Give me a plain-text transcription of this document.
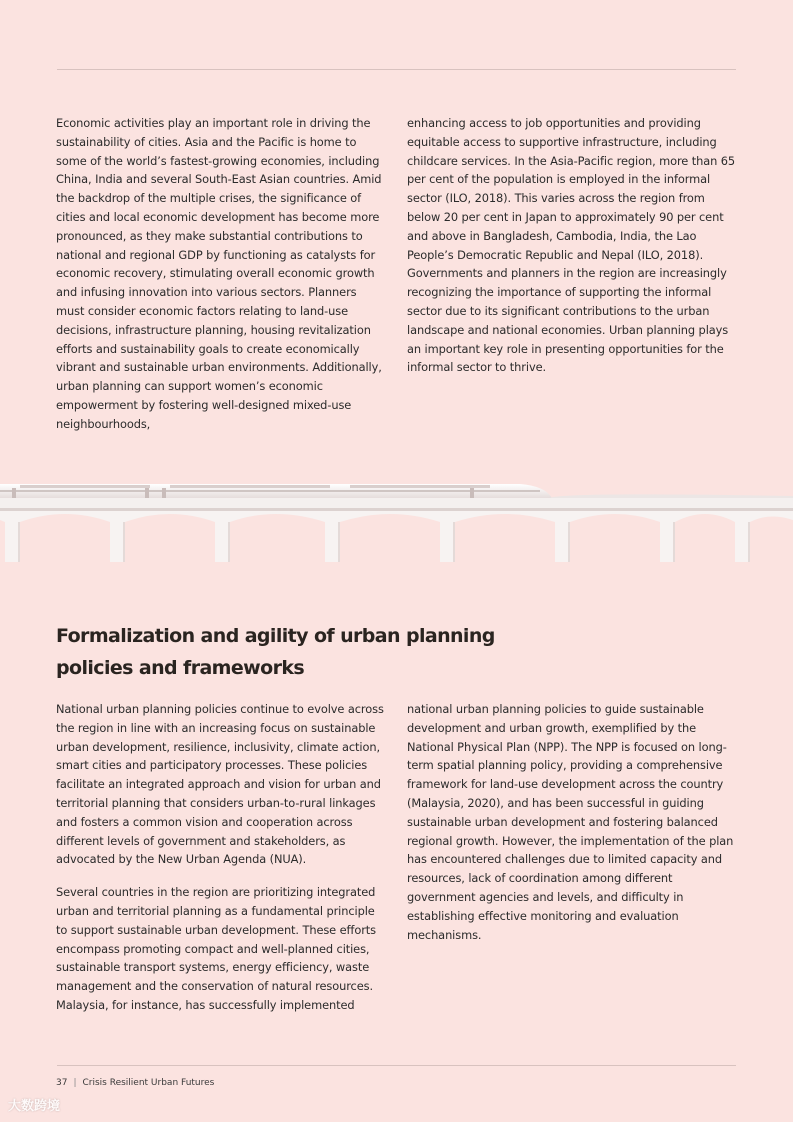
Economic activities play an important role in driving the sustainability of cities. Asia and the Pacific is home to some of the world’s fastest-growing economies, including China, India and several South-East Asian countries. Amid the backdrop of the multiple crises, the significance of cities and local economic development has become more pronounced, as they make substantial contributions to national and regional GDP by functioning as catalysts for economic recovery, stimulating overall economic growth and infusing innovation into various sectors. Planners must consider economic factors relating to land-use decisions, infrastructure planning, housing revitalization efforts and sustainability goals to create economically vibrant and sustainable urban environments. Additionally, urban planning can support women’s economic empowerment by fostering well-designed mixed-use neighbourhoods,

enhancing access to job opportunities and providing equitable access to supportive infrastructure, including childcare services. In the Asia-Pacific region, more than 65 per cent of the population is employed in the informal sector (ILO, 2018). This varies across the region from below 20 per cent in Japan to approximately 90 per cent and above in Bangladesh, Cambodia, India, the Lao People’s Democratic Republic and Nepal (ILO, 2018). Governments and planners in the region are increasingly recognizing the importance of supporting the informal sector due to its significant contributions to the urban landscape and national economies. Urban planning plays an important key role in presenting opportunities for the informal sector to thrive.

Formalization and agility of urban planning
policies and frameworks

National urban planning policies continue to evolve across the region in line with an increasing focus on sustainable urban development, resilience, inclusivity, climate action, smart cities and participatory processes. These policies facilitate an integrated approach and vision for urban and territorial planning that considers urban-to-rural linkages and fosters a common vision and cooperation across different levels of government and stakeholders, as advocated by the New Urban Agenda (NUA).

Several countries in the region are prioritizing integrated urban and territorial planning as a fundamental principle to support sustainable urban development. These efforts encompass promoting compact and well-planned cities, sustainable transport systems, energy efficiency, waste management and the conservation of natural resources. Malaysia, for instance, has successfully implemented

national urban planning policies to guide sustainable development and urban growth, exemplified by the National Physical Plan (NPP). The NPP is focused on long-term spatial planning policy, providing a comprehensive framework for land-use development across the country (Malaysia, 2020), and has been successful in guiding sustainable urban development and fostering balanced regional growth. However, the implementation of the plan has encountered challenges due to limited capacity and resources, lack of coordination among different government agencies and levels, and difficulty in establishing effective monitoring and evaluation mechanisms.

37 | Crisis Resilient Urban Futures
大数跨境
